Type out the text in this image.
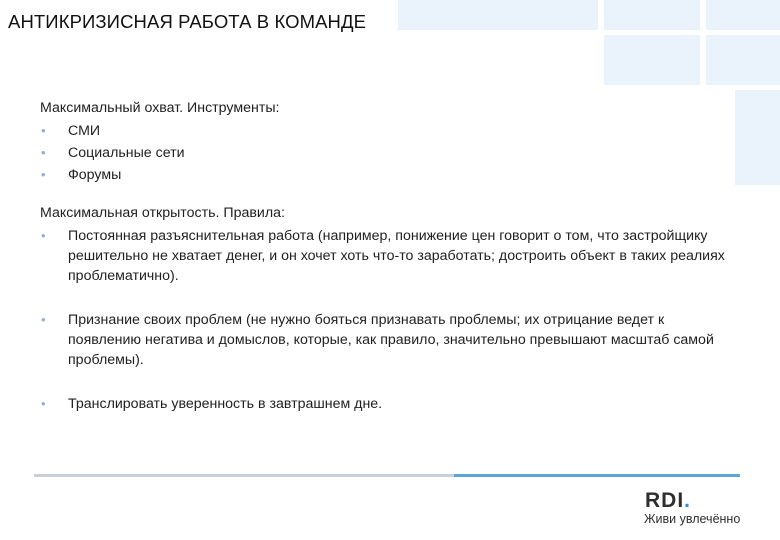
АНТИКРИЗИСНАЯ РАБОТА В КОМАНДЕ

Максимальный охват. Инструменты:

• СМИ
• Социальные сети
• Форумы

Максимальная открытость. Правила:

• Постоянная разъяснительная работа (например, понижение цен говорит о том, что застройщику решительно не хватает денег, и он хочет хоть что-то заработать; достроить объект в таких реалиях проблематично).
• Признание своих проблем (не нужно бояться признавать проблемы; их отрицание ведет к появлению негатива и домыслов, которые, как правило, значительно превышают масштаб самой проблемы).
• Транслировать уверенность в завтрашнем дне.
RDI.
Живи увлечённо
